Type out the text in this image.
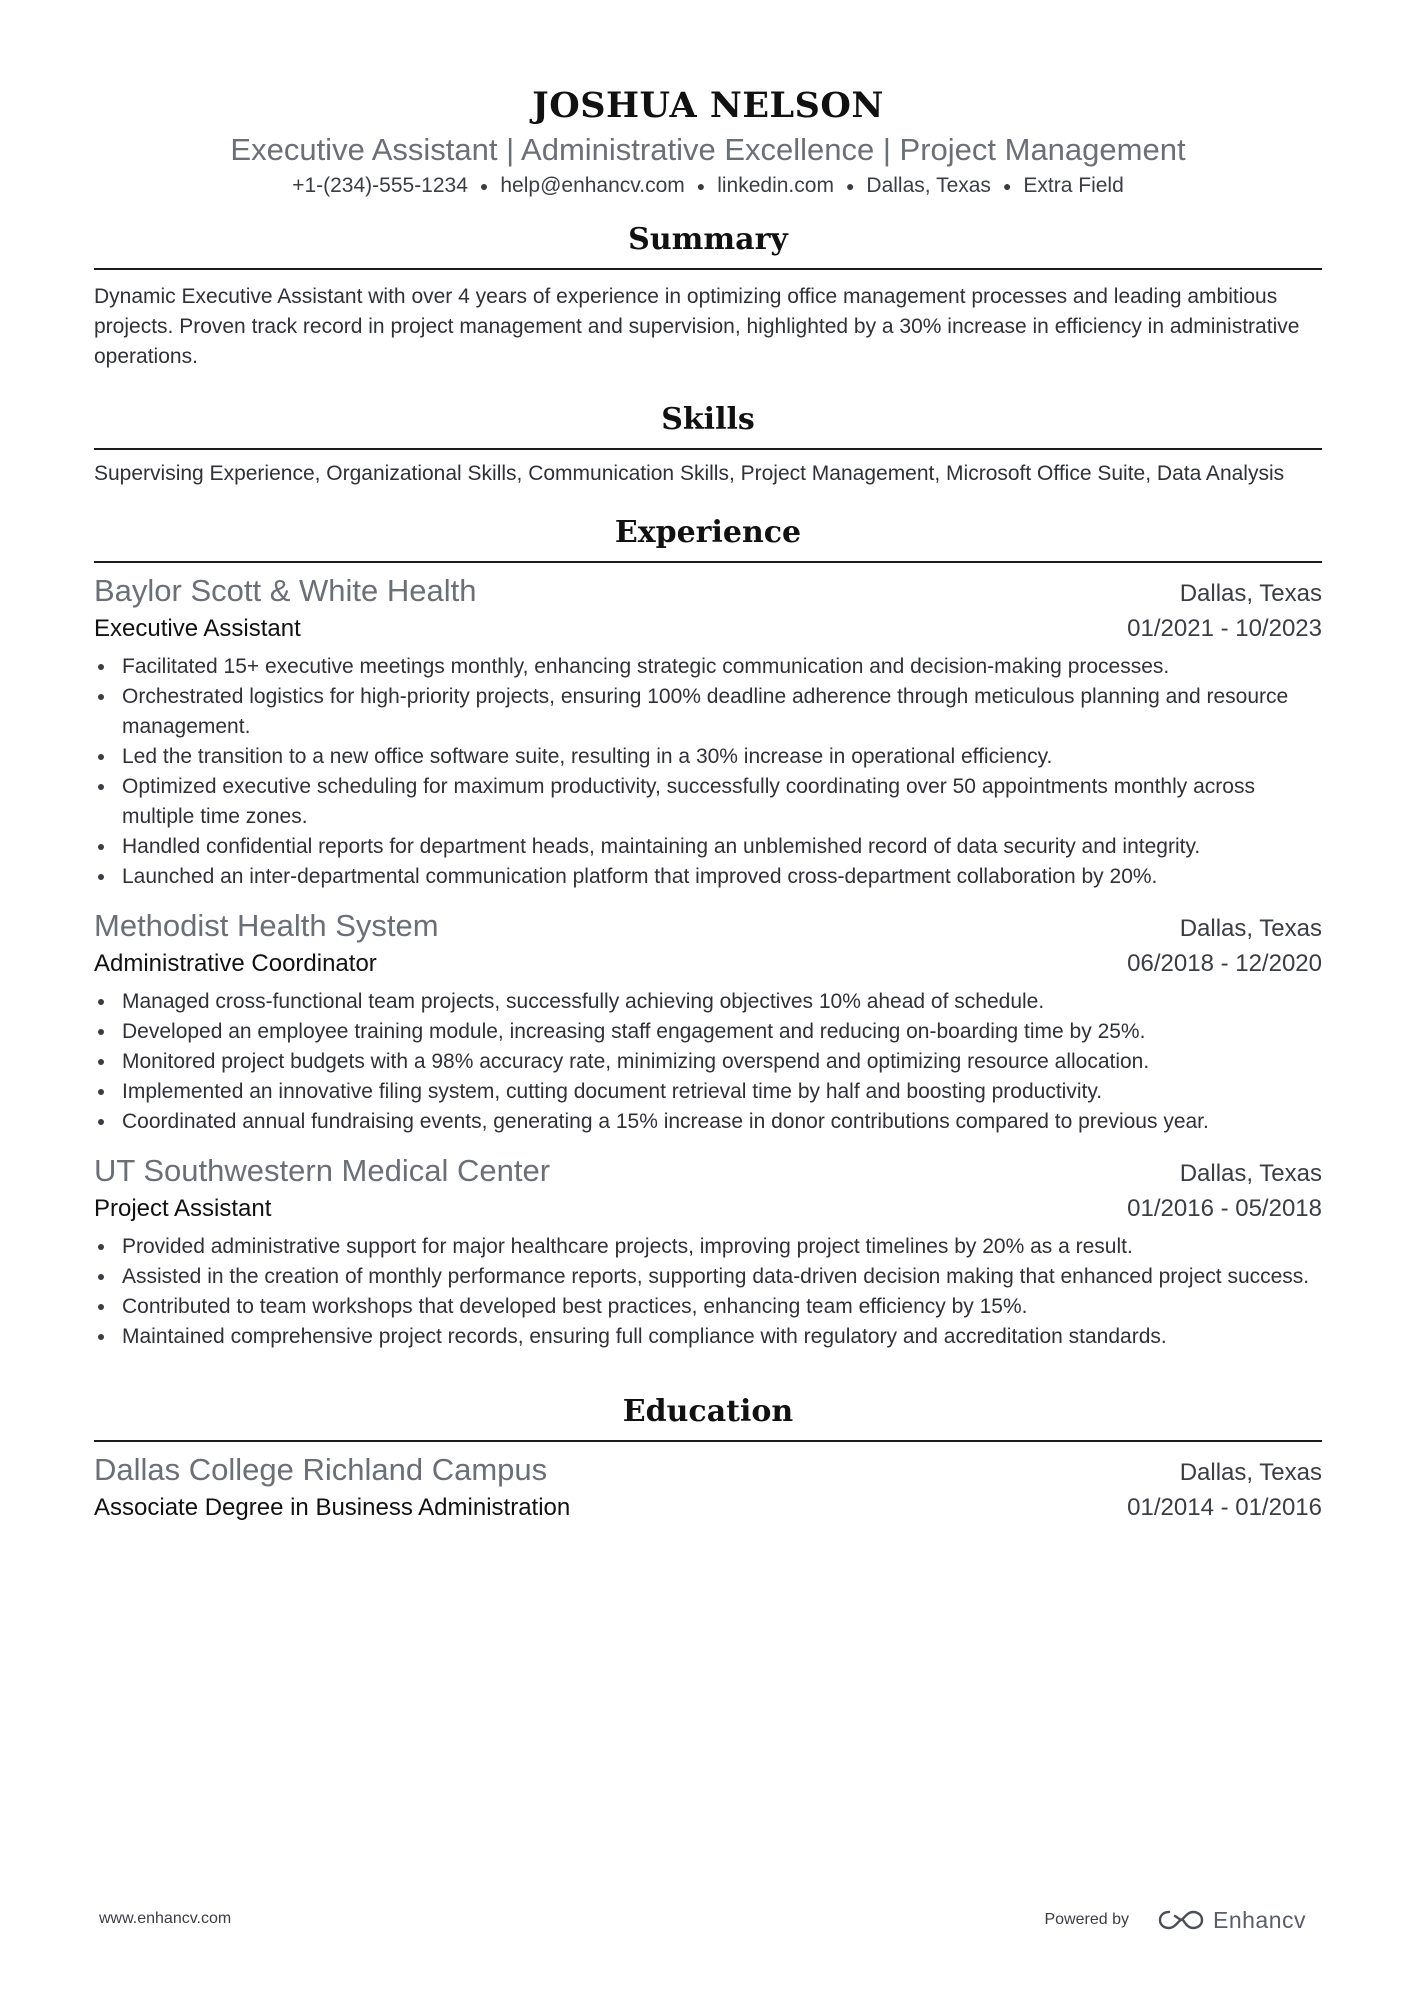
JOSHUA NELSON
Executive Assistant | Administrative Excellence | Project Management
+1-(234)-555-1234 ● help@enhancv.com ● linkedin.com ● Dallas, Texas ● Extra Field
Summary
Dynamic Executive Assistant with over 4 years of experience in optimizing office management processes and leading ambitious projects. Proven track record in project management and supervision, highlighted by a 30% increase in efficiency in administrative operations.
Skills
Supervising Experience, Organizational Skills, Communication Skills, Project Management, Microsoft Office Suite, Data Analysis
Experience
Baylor Scott & White Health	Dallas, Texas
Executive Assistant	01/2021 - 10/2023
Facilitated 15+ executive meetings monthly, enhancing strategic communication and decision-making processes.
Orchestrated logistics for high-priority projects, ensuring 100% deadline adherence through meticulous planning and resource management.
Led the transition to a new office software suite, resulting in a 30% increase in operational efficiency.
Optimized executive scheduling for maximum productivity, successfully coordinating over 50 appointments monthly across multiple time zones.
Handled confidential reports for department heads, maintaining an unblemished record of data security and integrity.
Launched an inter-departmental communication platform that improved cross-department collaboration by 20%.
Methodist Health System	Dallas, Texas
Administrative Coordinator	06/2018 - 12/2020
Managed cross-functional team projects, successfully achieving objectives 10% ahead of schedule.
Developed an employee training module, increasing staff engagement and reducing on-boarding time by 25%.
Monitored project budgets with a 98% accuracy rate, minimizing overspend and optimizing resource allocation.
Implemented an innovative filing system, cutting document retrieval time by half and boosting productivity.
Coordinated annual fundraising events, generating a 15% increase in donor contributions compared to previous year.
UT Southwestern Medical Center	Dallas, Texas
Project Assistant	01/2016 - 05/2018
Provided administrative support for major healthcare projects, improving project timelines by 20% as a result.
Assisted in the creation of monthly performance reports, supporting data-driven decision making that enhanced project success.
Contributed to team workshops that developed best practices, enhancing team efficiency by 15%.
Maintained comprehensive project records, ensuring full compliance with regulatory and accreditation standards.
Education
Dallas College Richland Campus	Dallas, Texas
Associate Degree in Business Administration	01/2014 - 01/2016
www.enhancv.com	Powered by	Enhancv
